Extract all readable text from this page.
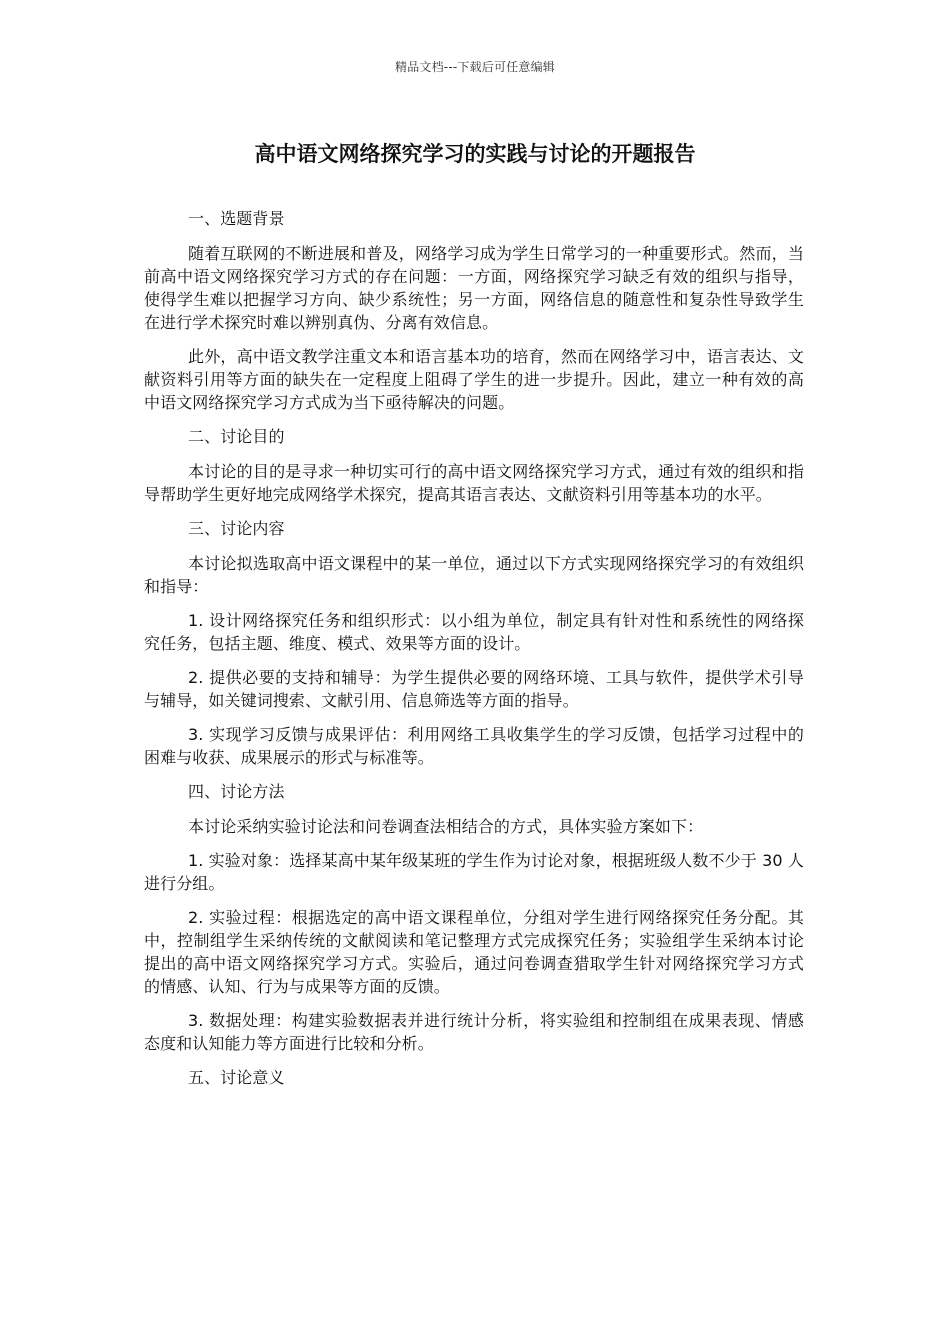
精品文档---下载后可任意编辑
高中语文网络探究学习的实践与讨论的开题报告

一、选题背景

随着互联网的不断进展和普及，网络学习成为学生日常学习的一种重要形式。然而，当前高中语文网络探究学习方式的存在问题：一方面，网络探究学习缺乏有效的组织与指导，使得学生难以把握学习方向、缺少系统性；另一方面，网络信息的随意性和复杂性导致学生在进行学术探究时难以辨别真伪、分离有效信息。

此外，高中语文教学注重文本和语言基本功的培育，然而在网络学习中，语言表达、文献资料引用等方面的缺失在一定程度上阻碍了学生的进一步提升。因此，建立一种有效的高中语文网络探究学习方式成为当下亟待解决的问题。

二、讨论目的

本讨论的目的是寻求一种切实可行的高中语文网络探究学习方式，通过有效的组织和指导帮助学生更好地完成网络学术探究，提高其语言表达、文献资料引用等基本功的水平。

三、讨论内容

本讨论拟选取高中语文课程中的某一单位，通过以下方式实现网络探究学习的有效组织和指导：

1. 设计网络探究任务和组织形式：以小组为单位，制定具有针对性和系统性的网络探究任务，包括主题、维度、模式、效果等方面的设计。

2. 提供必要的支持和辅导：为学生提供必要的网络环境、工具与软件，提供学术引导与辅导，如关键词搜索、文献引用、信息筛选等方面的指导。

3. 实现学习反馈与成果评估：利用网络工具收集学生的学习反馈，包括学习过程中的困难与收获、成果展示的形式与标准等。

四、讨论方法

本讨论采纳实验讨论法和问卷调查法相结合的方式，具体实验方案如下：

1. 实验对象：选择某高中某年级某班的学生作为讨论对象，根据班级人数不少于 30 人进行分组。

2. 实验过程：根据选定的高中语文课程单位，分组对学生进行网络探究任务分配。其中，控制组学生采纳传统的文献阅读和笔记整理方式完成探究任务；实验组学生采纳本讨论提出的高中语文网络探究学习方式。实验后，通过问卷调查猎取学生针对网络探究学习方式的情感、认知、行为与成果等方面的反馈。

3. 数据处理：构建实验数据表并进行统计分析，将实验组和控制组在成果表现、情感态度和认知能力等方面进行比较和分析。

五、讨论意义
